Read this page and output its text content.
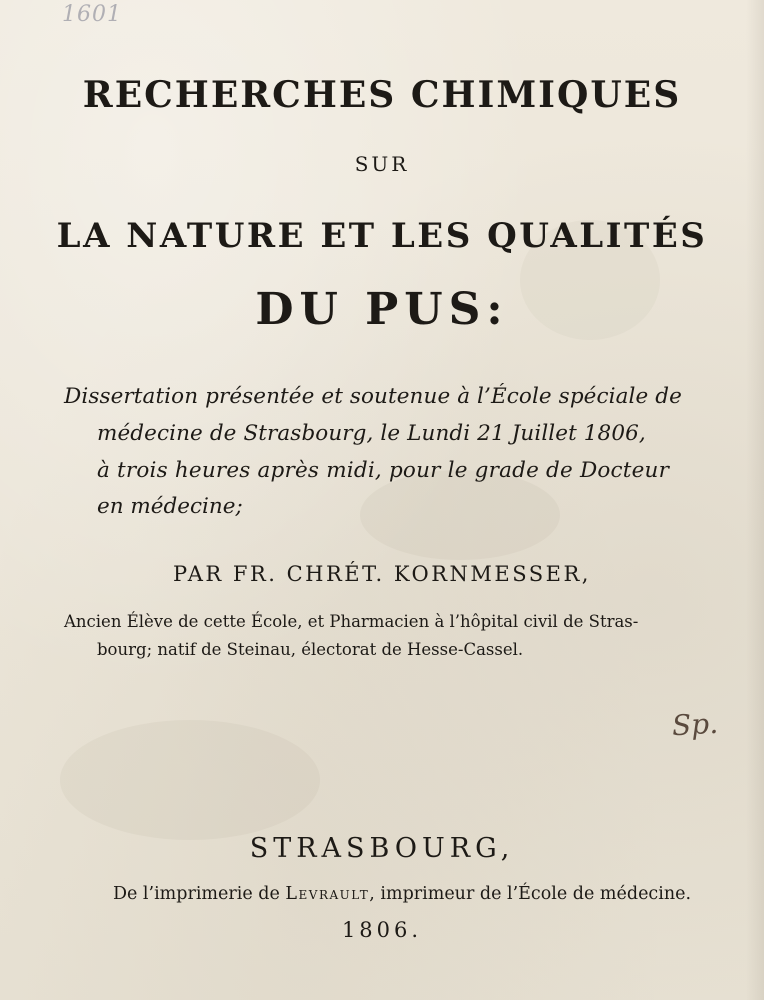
1601
RECHERCHES CHIMIQUES
SUR
LA NATURE ET LES QUALITÉS
DU PUS:
Dissertation présentée et soutenue à l’École spéciale de
médecine de Strasbourg, le Lundi 21 Juillet 1806,
à trois heures après midi, pour le grade de Docteur
en médecine;
PAR FR. CHRÉT. KORNMESSER,
Ancien Élève de cette École, et Pharmacien à l’hôpital civil de Stras-
bourg; natif de Steinau, électorat de Hesse-Cassel.
Sp.
STRASBOURG,
De l’imprimerie de Levrault, imprimeur de l’École de médecine.
1806.
